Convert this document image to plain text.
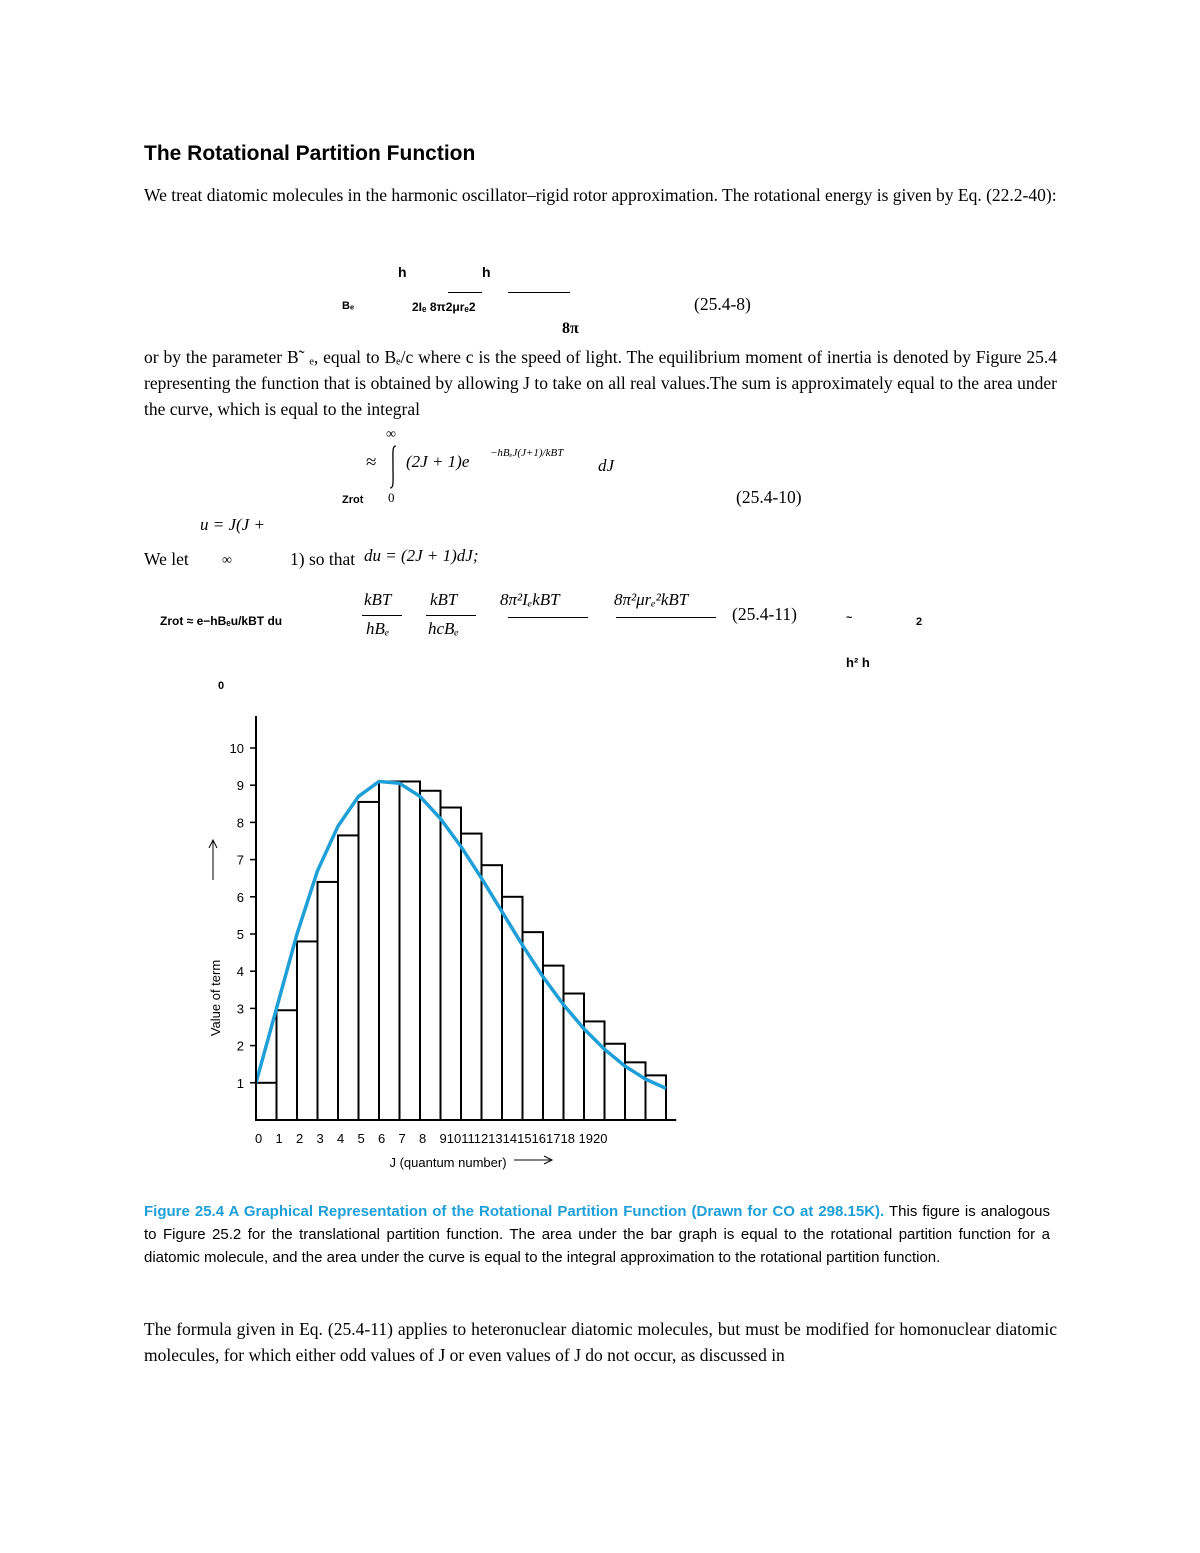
The Rotational Partition Function

We treat diatomic molecules in the harmonic oscillator–rigid rotor approximation. The rotational energy is given by Eq. (22.2-40):

h	h
Bₑ	2Iₑ 8π2μrₑ2	(25.4-8)
8π

or by the parameter B˜ ₑ, equal to Bₑ/c where c is the speed of light. The equilibrium moment of inertia is denoted by Figure 25.4 representing the function that is obtained by allowing J to take on all real values.The sum is approximately equal to the area under the curve, which is equal to the integral

∞
≈ (2J + 1)e −hBₑJ(J+1)/kBT
dJ
Zrot 0	(25.4-10)
u = J(J +
We let ∞	1) so that du = (2J + 1)dJ;
Zrot ≈ e−hBₑu/kBT du
kBT
hBₑ
kBT
hcBₑ
8π²IₑkBT	8π²μrₑ²kBT
(25.4-11)	~	2
h² h
0
1
2
3
4
5
6
7
8
9
10
0 1 2 3 4 5 6 7 8 9101112131415161718 1920
Value of term
J (quantum number)
Figure 25.4 A Graphical Representation of the Rotational Partition Function (Drawn for CO at 298.15K). This figure is analogous to Figure 25.2 for the translational partition function. The area under the bar graph is equal to the rotational partition function for a diatomic molecule, and the area under the curve is equal to the integral approximation to the rotational partition function.

The formula given in Eq. (25.4-11) applies to heteronuclear diatomic molecules, but must be modified for homonuclear diatomic molecules, for which either odd values of J or even values of J do not occur, as discussed in
